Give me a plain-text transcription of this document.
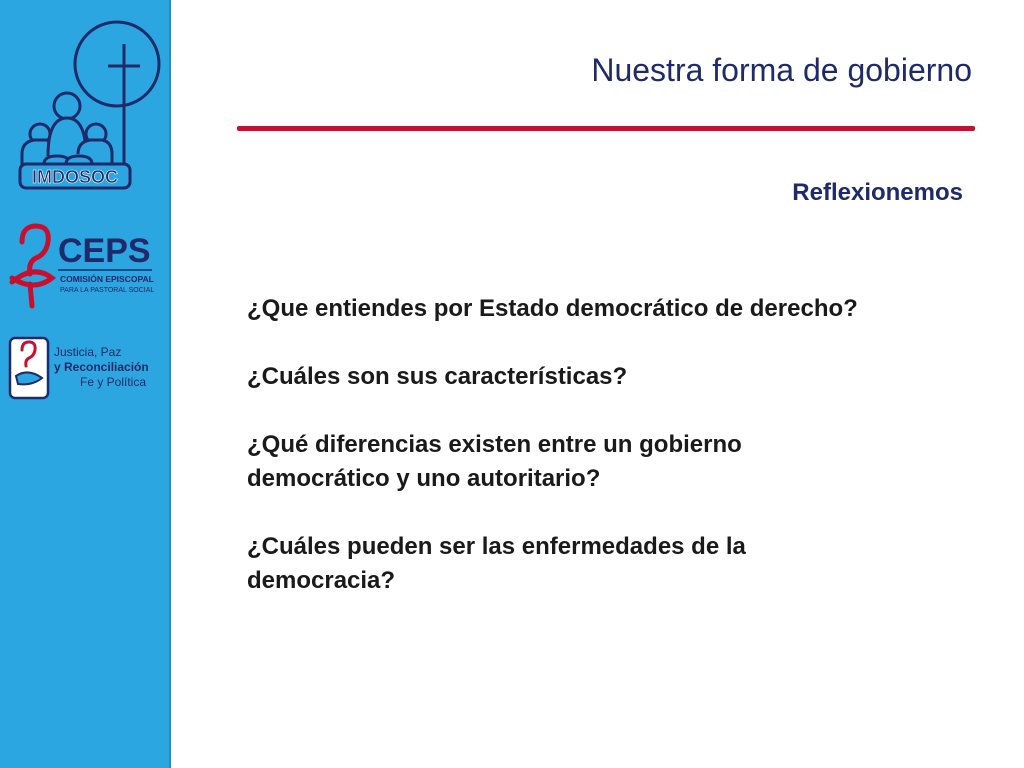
IMDOSOC
CEPS
COMISIÓN EPISCOPAL
PARA LA PASTORAL SOCIAL
Justicia, Paz
y Reconciliación
Fe y Política
Nuestra forma de gobierno
Reflexionemos

¿Que entiendes por Estado democrático de derecho?

¿Cuáles son sus características?

¿Qué diferencias existen entre un gobierno democrático y uno autoritario?

¿Cuáles pueden ser las enfermedades de la democracia?
